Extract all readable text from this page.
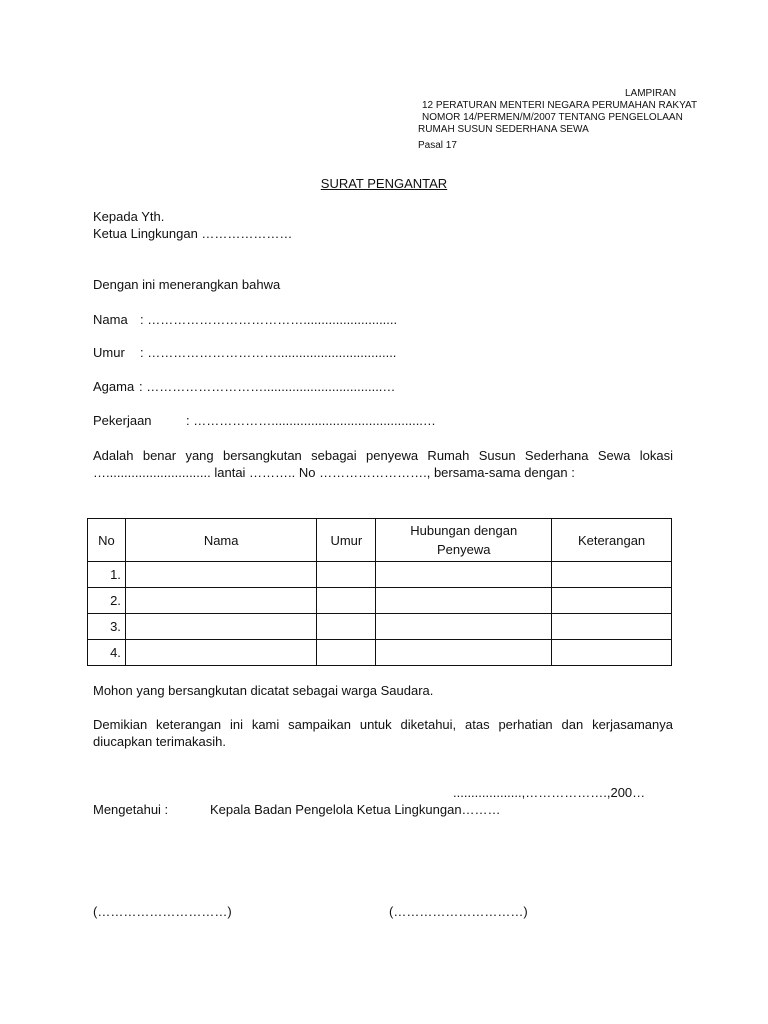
LAMPIRAN
12 PERATURAN MENTERI NEGARA PERUMAHAN RAKYAT
NOMOR 14/PERMEN/M/2007 TENTANG PENGELOLAAN
RUMAH SUSUN SEDERHANA SEWA
Pasal 17
SURAT PENGANTAR
Kepada Yth.
Ketua Lingkungan …………………
Dengan ini menerangkan bahwa
Nama : ………………………………..........................
Umur : ………………………….................................
Agama : ……………………….................................…
Pekerjaan	: ………………..........................................…
Adalah benar yang bersangkutan sebagai penyewa Rumah Susun Sederhana Sewa lokasi …............................. lantai ……….. No ……………………., bersama-sama dengan :
No	Nama	Umur	Hubungan dengan Penyewa	Keterangan
1.				
2.				
3.				
4.				
Mohon yang bersangkutan dicatat sebagai warga Saudara.
Demikian keterangan ini kami sampaikan untuk diketahui, atas perhatian dan kerjasamanya diucapkan terimakasih.
...................,……………….,200…
Mengetahui :	Kepala Badan Pengelola Ketua Lingkungan………
(…………………………)	(…………………………)
